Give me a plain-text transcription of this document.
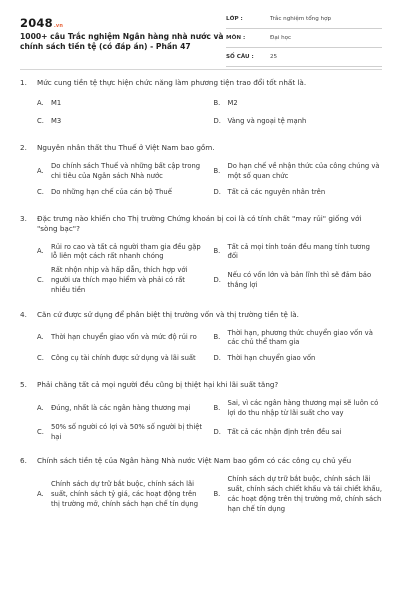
2048.vn
1000+ câu Trắc nghiệm Ngân hàng nhà nước và chính sách tiền tệ (có đáp án) - Phần 47
LỚP :	Trắc nghiệm tổng hợp
MÔN :	Đại học
SỐ CÂU :	25
1.	Mức cung tiền tệ thực hiện chức năng làm phương tiện trao đổi tốt nhất là.
A.	M1	B.	M2
C.	M3	D. Vàng và ngoại tệ mạnh
2.	Nguyên nhân thất thu Thuế ở Việt Nam bao gồm.
A.
Do chính sách Thuế và những bất cập trong chi tiêu của Ngân sách Nhà nước
B.
Do hạn chế về nhận thức của công chúng và một số quan chức
C.	Do những hạn chế của cán bộ Thuế	D. Tất cả các nguyên nhân trên
3.	Đặc trưng nào khiến cho Thị trường Chứng khoán bị coi là có tính chất "may rủi" giống với "sòng bạc"?
A.
Rủi ro cao và tất cả người tham gia đều gặp lỗ liên một cách rất nhanh chóng
B.
Tất cả mọi tính toán đều mang tính tương đối
C.
Rất nhộn nhịp và hấp dẫn, thích hợp với người ưa thích mạo hiểm và phải có rất nhiều tiền
D.
Nếu có vốn lớn và bản lĩnh thì sẽ đảm bảo thắng lợi
4.	Căn cứ được sử dụng để phân biệt thị trường vốn và thị trường tiền tệ là.
A.	Thời hạn chuyển giao vốn và mức độ rủi ro	B.
Thời hạn, phương thức chuyển giao vốn và các chủ thể tham gia
C.	Công cụ tài chính được sử dụng và lãi suất	D. Thời hạn chuyển giao vốn
5.	Phải chăng tất cả mọi người đều cũng bị thiệt hại khi lãi suất tăng?
A.	Đúng, nhất là các ngân hàng thương mại	B.
Sai, vì các ngân hàng thương mại sẽ luôn có lợi do thu nhập từ lãi suất cho vay
C.
50% số người có lợi và 50% số người bị thiệt hại
D. Tất cả các nhận định trên đều sai
6.	Chính sách tiền tệ của Ngân hàng Nhà nước Việt Nam bao gồm có các công cụ chủ yếu
A.
Chính sách dự trữ bắt buộc, chính sách lãi suất, chính sách tỷ giá, các hoạt động trên thị trường mở, chính sách hạn chế tín dụng
B.
Chính sách dự trữ bắt buộc, chính sách lãi suất, chính sách chiết khấu và tái chiết khấu, các hoạt động trên thị trường mở, chính sách hạn chế tín dụng
